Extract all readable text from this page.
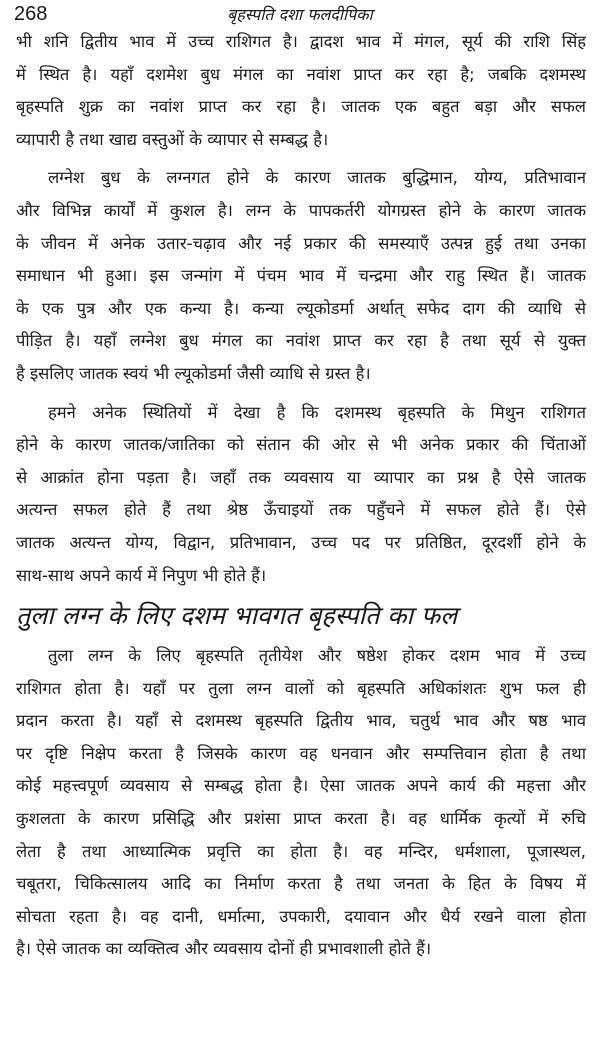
268	बृहस्पति दशा फलदीपिका
भी शनि द्वितीय भाव में उच्च राशिगत है। द्वादश भाव में मंगल, सूर्य की राशि सिंह
में स्थित है। यहाँ दशमेश बुध मंगल का नवांश प्राप्त कर रहा है; जबकि दशमस्थ
बृहस्पति शुक्र का नवांश प्राप्त कर रहा है। जातक एक बहुत बड़ा और सफल
व्यापारी है तथा खाद्य वस्तुओं के व्यापार से सम्बद्ध है।
लग्नेश बुध के लग्नगत होने के कारण जातक बुद्धिमान, योग्य, प्रतिभावान
और विभिन्न कार्यों में कुशल है। लग्न के पापकर्तरी योगग्रस्त होने के कारण जातक
के जीवन में अनेक उतार-चढ़ाव और नई प्रकार की समस्याएँ उत्पन्न हुई तथा उनका
समाधान भी हुआ। इस जन्मांग में पंचम भाव में चन्द्रमा और राहु स्थित हैं। जातक
के एक पुत्र और एक कन्या है। कन्या ल्यूकोडर्मा अर्थात् सफेद दाग की व्याधि से
पीड़ित है। यहाँ लग्नेश बुध मंगल का नवांश प्राप्त कर रहा है तथा सूर्य से युक्त
है इसलिए जातक स्वयं भी ल्यूकोडर्मा जैसी व्याधि से ग्रस्त है।
हमने अनेक स्थितियों में देखा है कि दशमस्थ बृहस्पति के मिथुन राशिगत
होने के कारण जातक/जातिका को संतान की ओर से भी अनेक प्रकार की चिंताओं
से आक्रांत होना पड़ता है। जहाँ तक व्यवसाय या व्यापार का प्रश्न है ऐसे जातक
अत्यन्त सफल होते हैं तथा श्रेष्ठ ऊँचाइयों तक पहुँचने में सफल होते हैं। ऐसे
जातक अत्यन्त योग्य, विद्वान, प्रतिभावान, उच्च पद पर प्रतिष्ठित, दूरदर्शी होने के
साथ-साथ अपने कार्य में निपुण भी होते हैं।
तुला लग्न के लिए दशम भावगत बृहस्पति का फल
तुला लग्न के लिए बृहस्पति तृतीयेश और षष्ठेश होकर दशम भाव में उच्च
राशिगत होता है। यहाँ पर तुला लग्न वालों को बृहस्पति अधिकांशतः शुभ फल ही
प्रदान करता है। यहाँ से दशमस्थ बृहस्पति द्वितीय भाव, चतुर्थ भाव और षष्ठ भाव
पर दृष्टि निक्षेप करता है जिसके कारण वह धनवान और सम्पत्तिवान होता है तथा
कोई महत्त्वपूर्ण व्यवसाय से सम्बद्ध होता है। ऐसा जातक अपने कार्य की महत्ता और
कुशलता के कारण प्रसिद्धि और प्रशंसा प्राप्त करता है। वह धार्मिक कृत्यों में रुचि
लेता है तथा आध्यात्मिक प्रवृत्ति का होता है। वह मन्दिर, धर्मशाला, पूजास्थल,
चबूतरा, चिकित्सालय आदि का निर्माण करता है तथा जनता के हित के विषय में
सोचता रहता है। वह दानी, धर्मात्मा, उपकारी, दयावान और धैर्य रखने वाला होता
है। ऐसे जातक का व्यक्तित्व और व्यवसाय दोनों ही प्रभावशाली होते हैं।
